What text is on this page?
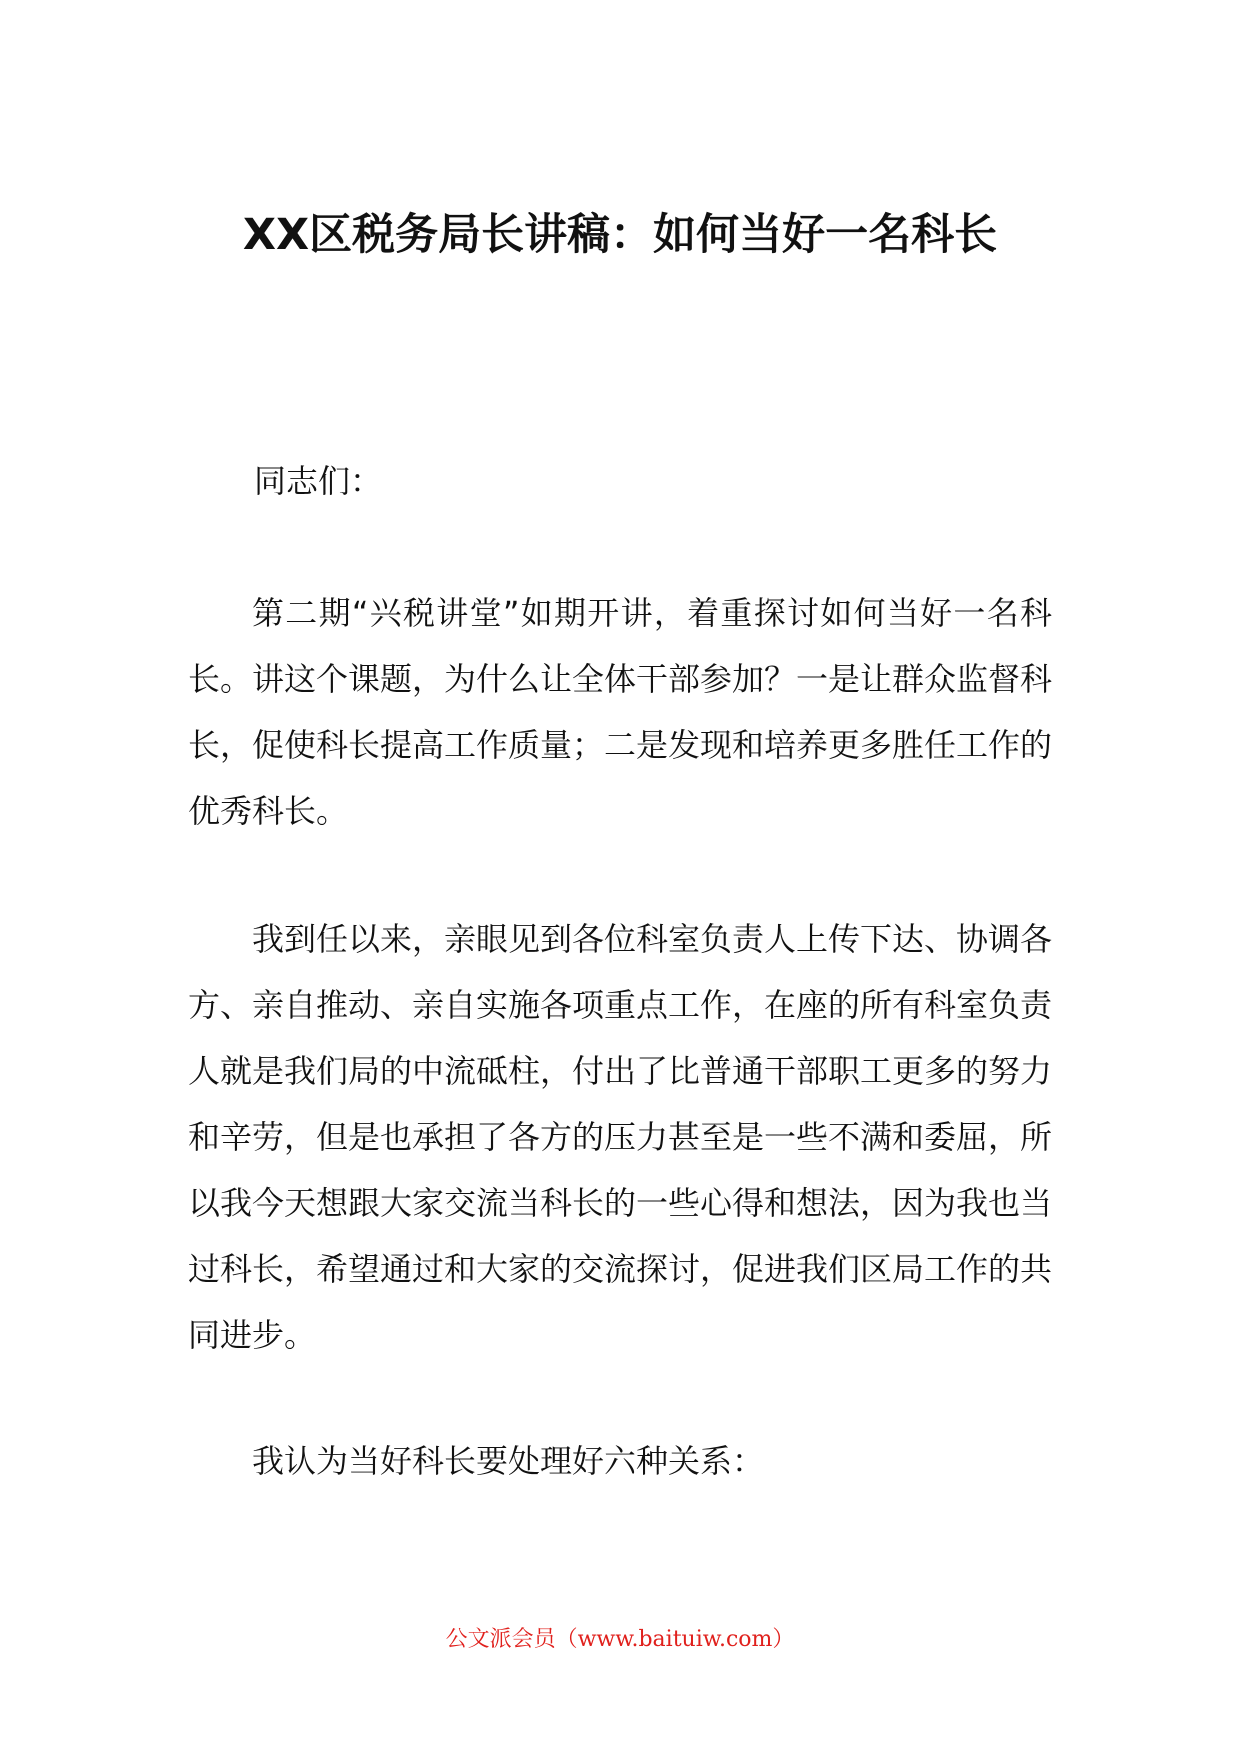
XX区税务局长讲稿：如何当好一名科长
同志们：

第二期“兴税讲堂”如期开讲，着重探讨如何当好一名科长。讲这个课题，为什么让全体干部参加？一是让群众监督科长，促使科长提高工作质量；二是发现和培养更多胜任工作的优秀科长。

我到任以来，亲眼见到各位科室负责人上传下达、协调各方、亲自推动、亲自实施各项重点工作，在座的所有科室负责人就是我们局的中流砥柱，付出了比普通干部职工更多的努力和辛劳，但是也承担了各方的压力甚至是一些不满和委屈，所以我今天想跟大家交流当科长的一些心得和想法，因为我也当过科长，希望通过和大家的交流探讨，促进我们区局工作的共同进步。

我认为当好科长要处理好六种关系：

公文派会员（www.baituiw.com）
